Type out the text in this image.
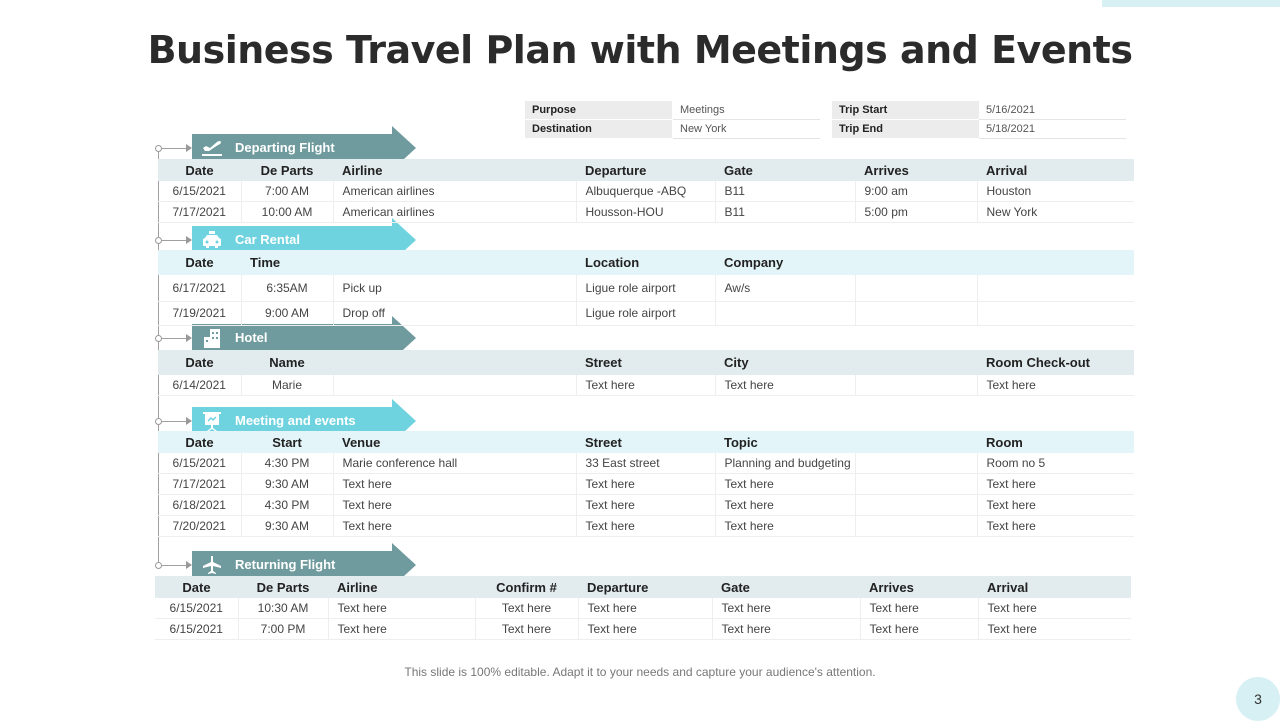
Business Travel Plan with Meetings and Events
Purpose	Meetings
Destination	New York
Trip Start	5/16/2021
Trip End	5/18/2021
Departing Flight
Car Rental
Hotel
Meeting and events
Returning Flight
Date	De Parts	Airline	Departure	Gate	Arrives	Arrival
6/15/2021	7:00 AM	American airlines	Albuquerque -ABQ	B11	9:00 am	Houston
7/17/2021	10:00 AM	American airlines	Housson-HOU	B11	5:00 pm	New York
Date	Time		Location	Company		
6/17/2021	6:35AM	Pick up	Ligue role airport	Aw/s		
7/19/2021	9:00 AM	Drop off	Ligue role airport			
Date	Name		Street	City		Room Check-out
6/14/2021	Marie		Text here	Text here		Text here
Date	Start	Venue	Street	Topic		Room
6/15/2021	4:30 PM	Marie conference hall	33 East street	Planning and budgeting		Room no 5
7/17/2021	9:30 AM	Text here	Text here	Text here		Text here
6/18/2021	4:30 PM	Text here	Text here	Text here		Text here
7/20/2021	9:30 AM	Text here	Text here	Text here		Text here
Date	De Parts	Airline	Confirm #	Departure	Gate	Arrives	Arrival
6/15/2021	10:30 AM	Text here	Text here	Text here	Text here	Text here	Text here
6/15/2021	7:00 PM	Text here	Text here	Text here	Text here	Text here	Text here
This slide is 100% editable. Adapt it to your needs and capture your audience's attention.
3
